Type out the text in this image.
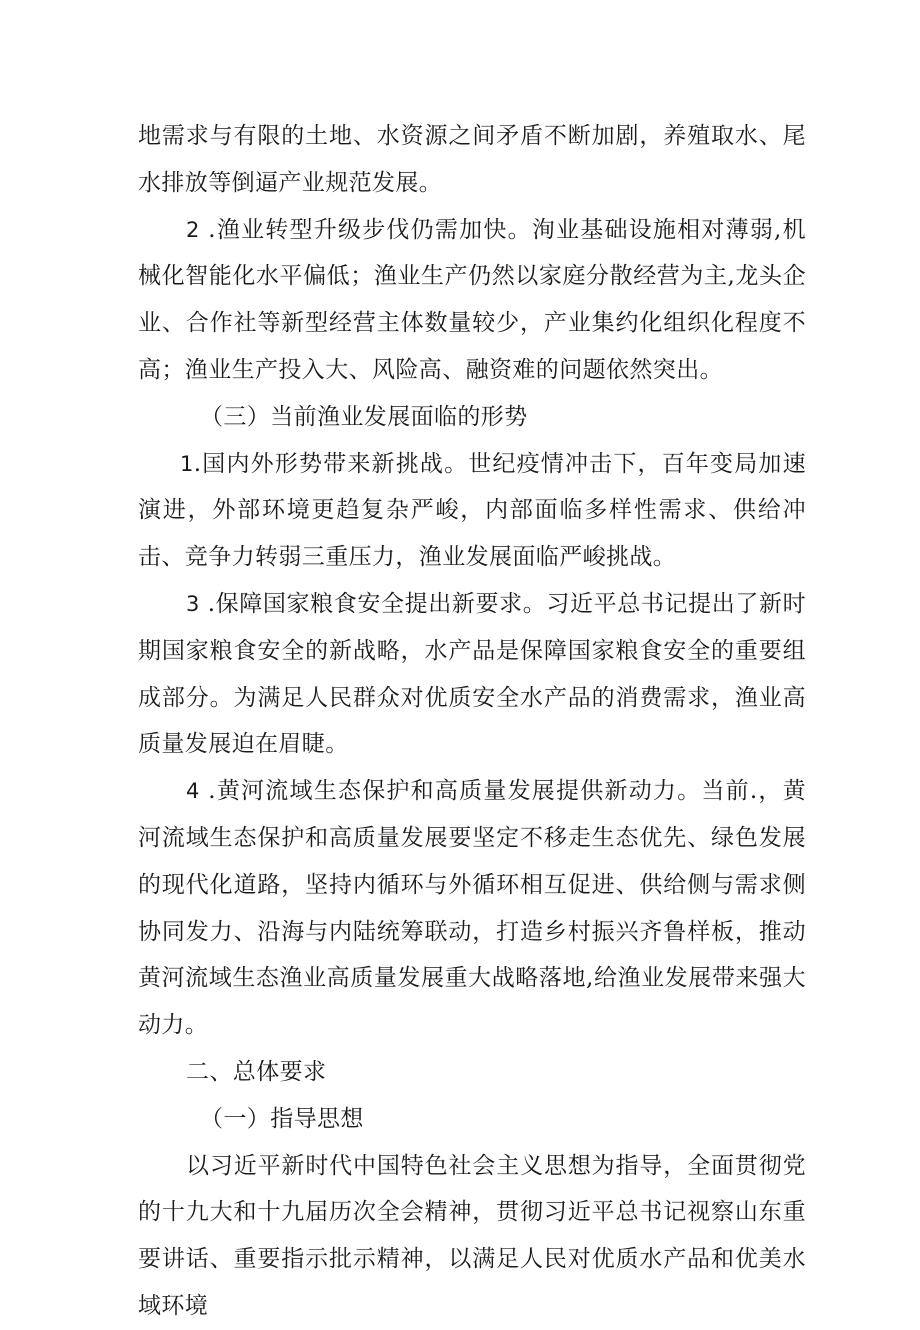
地需求与有限的土地、水资源之间矛盾不断加剧，养殖取水、尾水排放等倒逼产业规范发展。

2 .渔业转型升级步伐仍需加快。洵业基础设施相对薄弱,机械化智能化水平偏低；渔业生产仍然以家庭分散经营为主,龙头企业、合作社等新型经营主体数量较少，产业集约化组织化程度不高；渔业生产投入大、风险高、融资难的问题依然突出。

（三）当前渔业发展面临的形势

1.国内外形势带来新挑战。世纪疫情冲击下，百年变局加速演进，外部环境更趋复杂严峻，内部面临多样性需求、供给冲击、竞争力转弱三重压力，渔业发展面临严峻挑战。

3 .保障国家粮食安全提出新要求。习近平总书记提出了新时期国家粮食安全的新战略，水产品是保障国家粮食安全的重要组成部分。为满足人民群众对优质安全水产品的消费需求，渔业高质量发展迫在眉睫。

4 .黄河流域生态保护和高质量发展提供新动力。当前.，黄河流域生态保护和高质量发展要坚定不移走生态优先、绿色发展的现代化道路，坚持内循环与外循环相互促进、供给侧与需求侧协同发力、沿海与内陆统筹联动，打造乡村振兴齐鲁样板，推动黄河流域生态渔业高质量发展重大战略落地,给渔业发展带来强大动力。

二、总体要求

（一）指导思想

以习近平新时代中国特色社会主义思想为指导，全面贯彻党的十九大和十九届历次全会精神，贯彻习近平总书记视察山东重要讲话、重要指示批示精神，以满足人民对优质水产品和优美水域环境
